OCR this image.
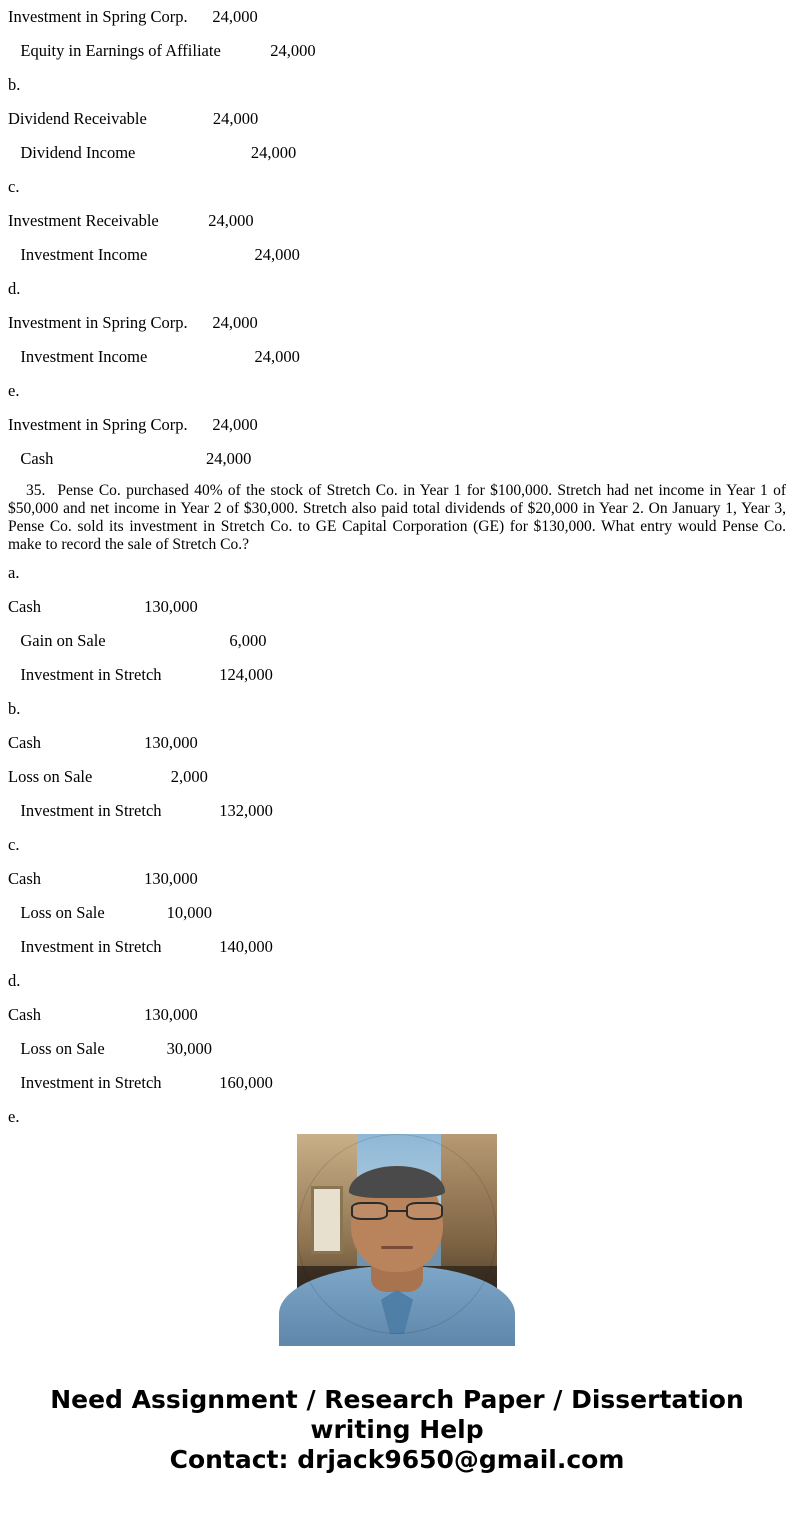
Investment in Spring Corp.      24,000
Equity in Earnings of Affiliate            24,000
b.
Dividend Receivable                24,000
Dividend Income                            24,000
c.
Investment Receivable            24,000
Investment Income                          24,000
d.
Investment in Spring Corp.      24,000
Investment Income                          24,000
e.
Investment in Spring Corp.      24,000
Cash                                     24,000
35. Pense Co. purchased 40% of the stock of Stretch Co. in Year 1 for $100,000. Stretch had net income in Year 1 of $50,000 and net income in Year 2 of $30,000. Stretch also paid total dividends of $20,000 in Year 2. On January 1, Year 3, Pense Co. sold its investment in Stretch Co. to GE Capital Corporation (GE) for $130,000. What entry would Pense Co. make to record the sale of Stretch Co.?
a.
Cash                         130,000
Gain on Sale                              6,000
Investment in Stretch              124,000
b.
Cash                         130,000
Loss on Sale                   2,000
Investment in Stretch              132,000
c.
Cash                         130,000
Loss on Sale               10,000
Investment in Stretch              140,000
d.
Cash                         130,000
Loss on Sale               30,000
Investment in Stretch              160,000
e.
Need Assignment / Research Paper / Dissertation writing Help
Contact: drjack9650@gmail.com
